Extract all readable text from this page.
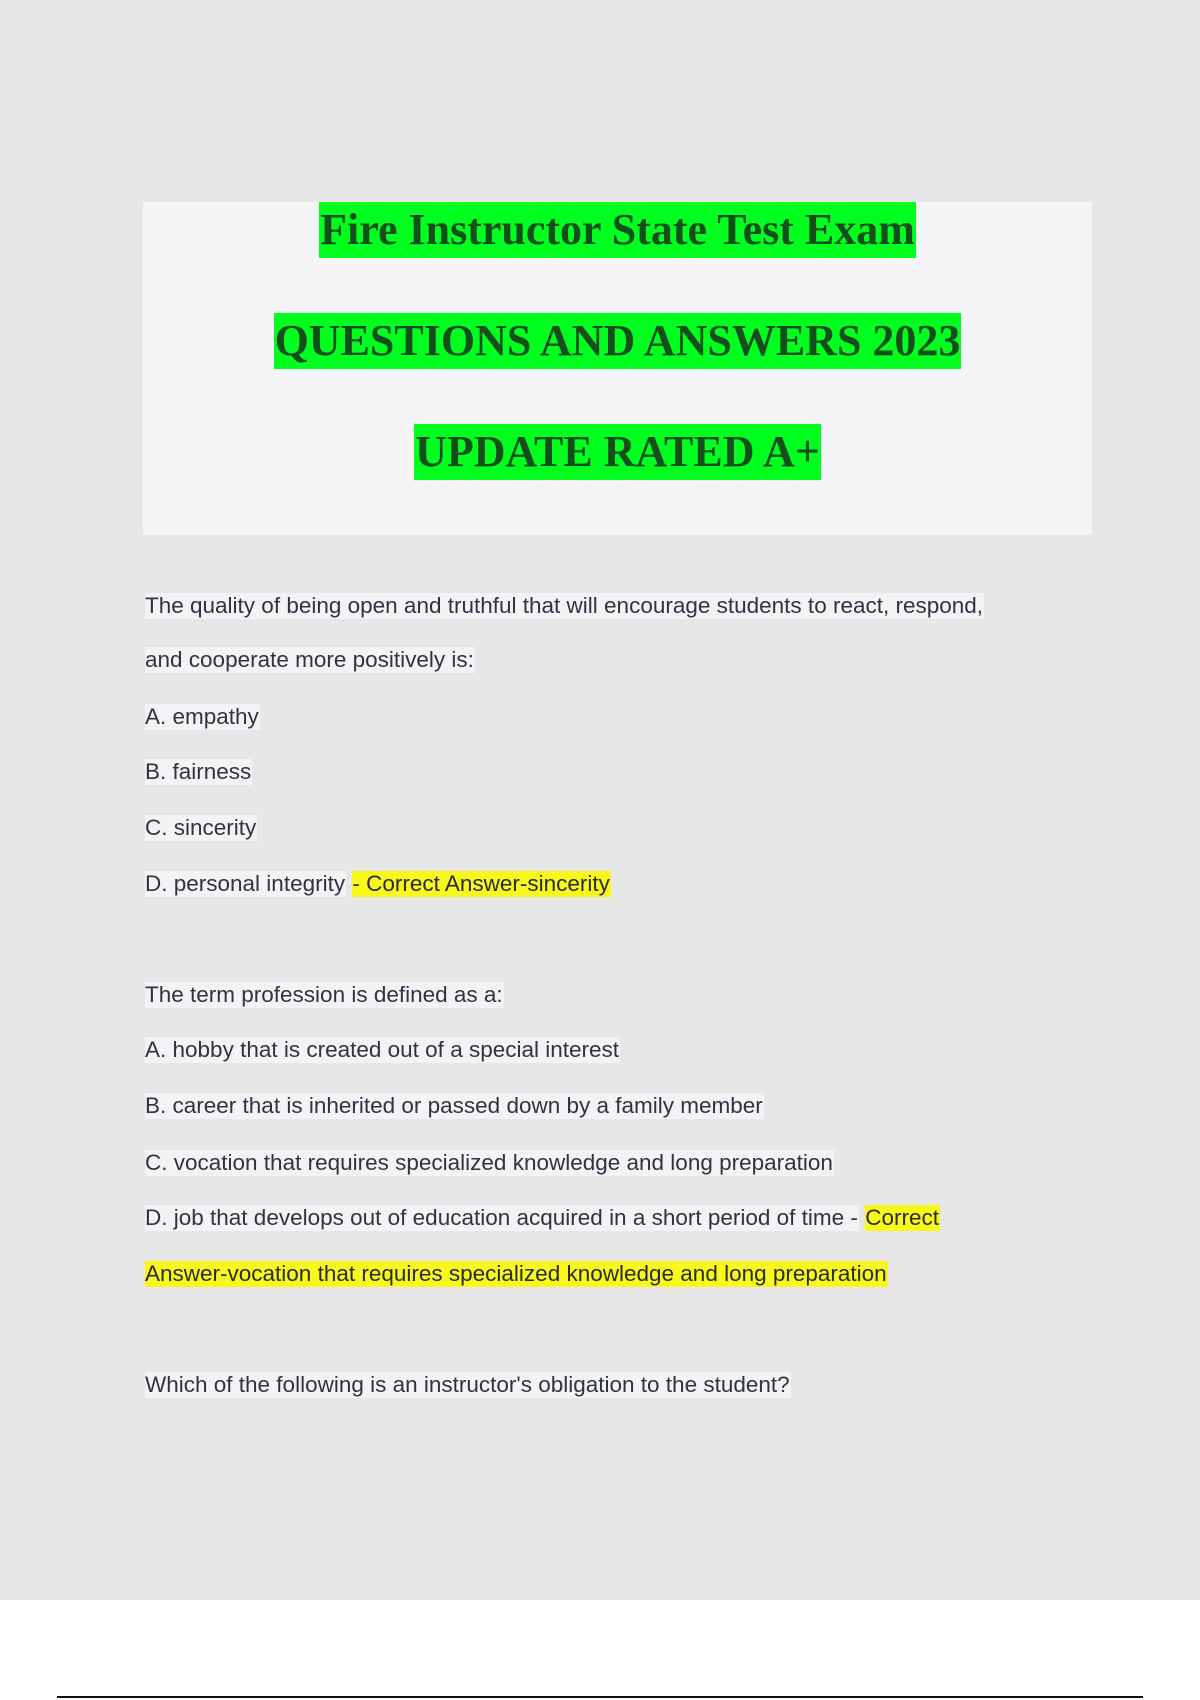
Fire Instructor State Test Exam
QUESTIONS AND ANSWERS 2023
UPDATE RATED A+
The quality of being open and truthful that will encourage students to react, respond,
and cooperate more positively is:
A. empathy
B. fairness
C. sincerity
D. personal integrity - Correct Answer-sincerity
The term profession is defined as a:
A. hobby that is created out of a special interest
B. career that is inherited or passed down by a family member
C. vocation that requires specialized knowledge and long preparation
D. job that develops out of education acquired in a short period of time - Correct
Answer-vocation that requires specialized knowledge and long preparation
Which of the following is an instructor's obligation to the student?
